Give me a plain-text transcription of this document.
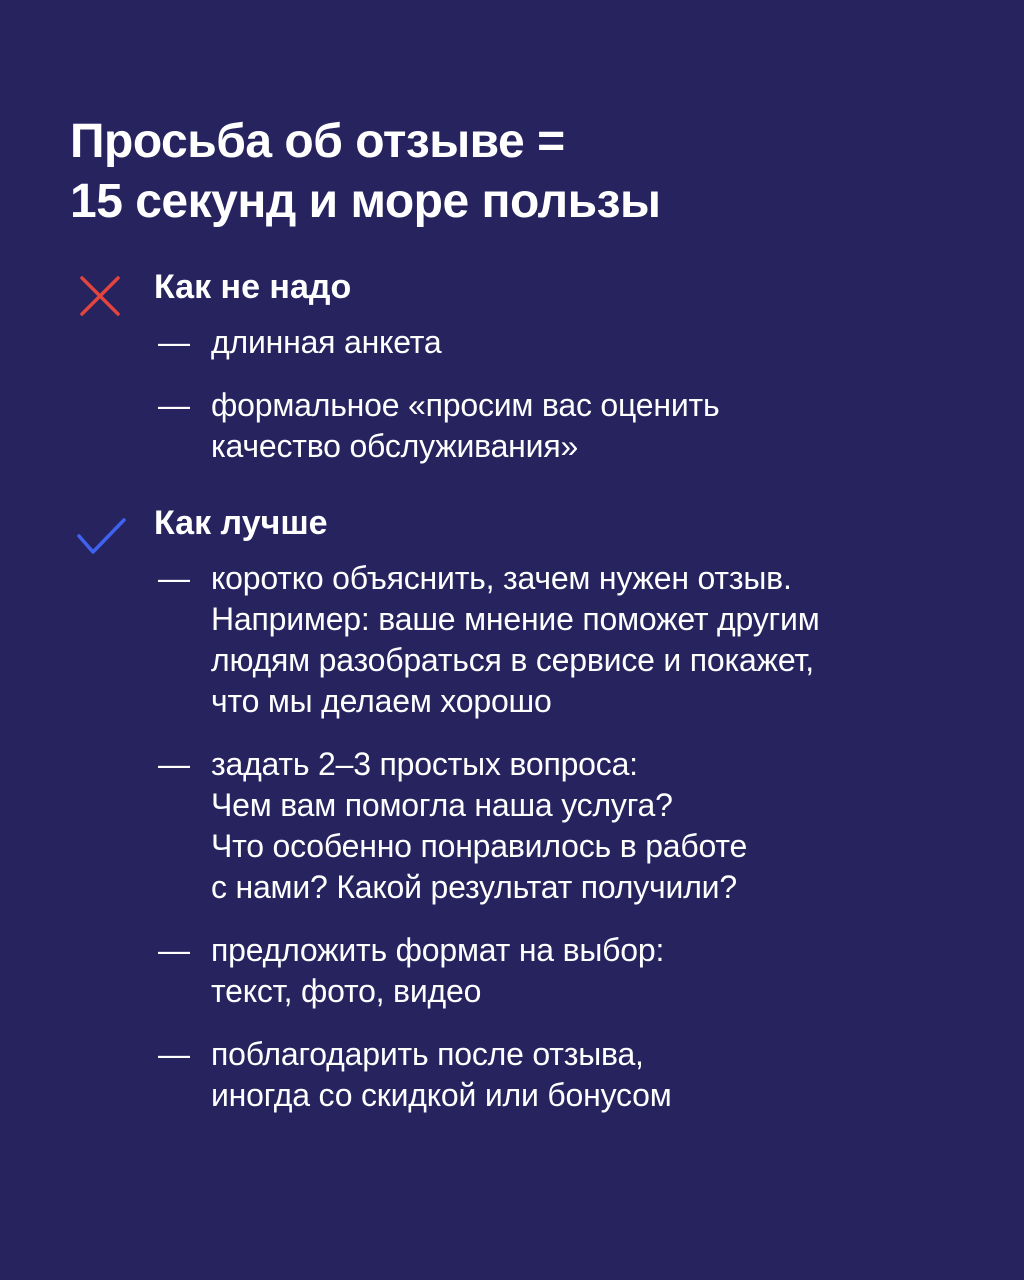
Просьба об отзыве =
15 секунд и море пользы
Как не надо
— длинная анкета
— формальное «просим вас оценить
качество обслуживания»
Как лучше
— коротко объяснить, зачем нужен отзыв.
Например: ваше мнение поможет другим
людям разобраться в сервисе и покажет,
что мы делаем хорошо
— задать 2–3 простых вопроса:
Чем вам помогла наша услуга?
Что особенно понравилось в работе
с нами? Какой результат получили?
— предложить формат на выбор:
текст, фото, видео
— поблагодарить после отзыва,
иногда со скидкой или бонусом
